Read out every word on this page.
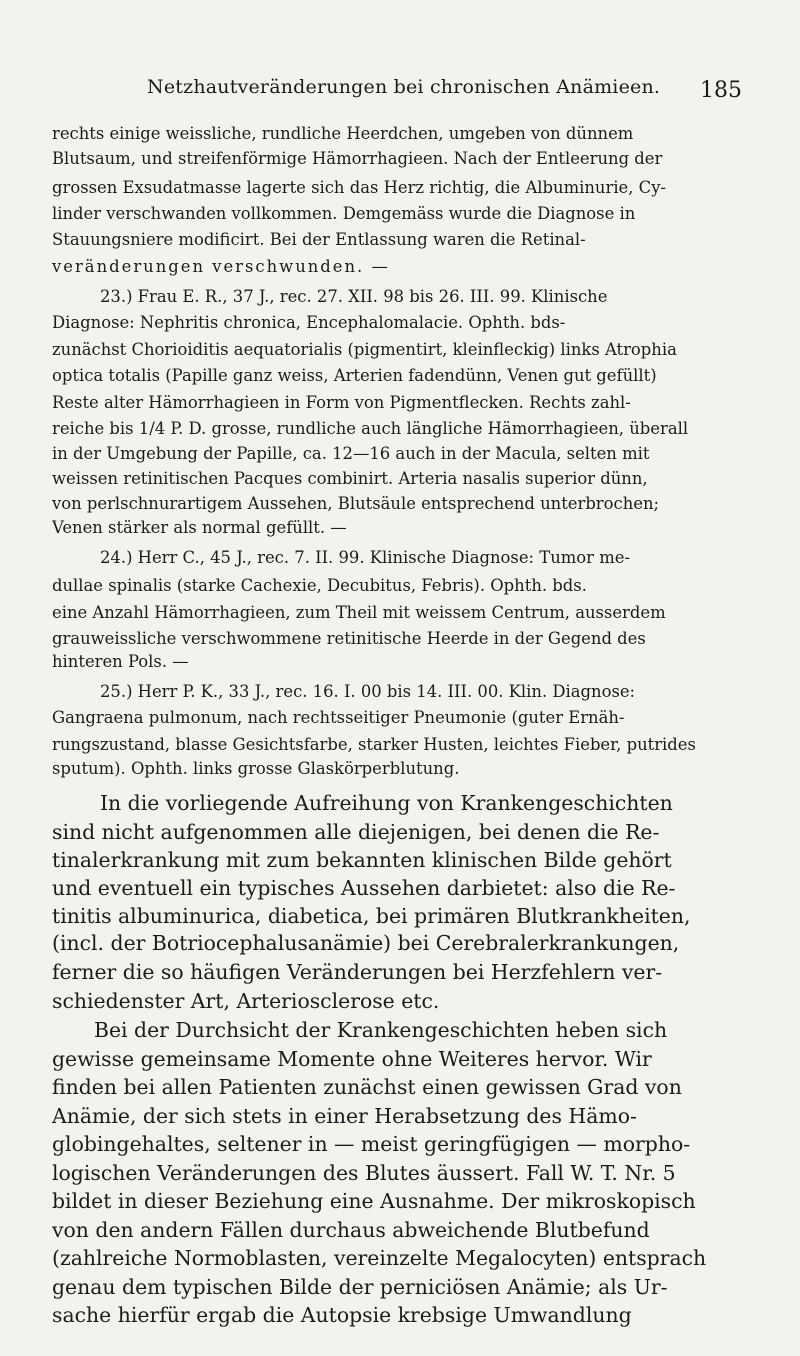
Netzhautveränderungen bei chronischen Anämieen. 185

rechts einige weissliche, rundliche Heerdchen, umgeben von dünnem

Blutsaum, und streifenförmige Hämorrhagieen. Nach der Entleerung der

grossen Exsudatmasse lagerte sich das Herz richtig, die Albuminurie, Cy-

linder verschwanden vollkommen. Demgemäss wurde die Diagnose in

Stauungsniere modificirt. Bei der Entlassung waren die Retinal-

veränderungen verschwunden. —

23.) Frau E. R., 37 J., rec. 27. XII. 98 bis 26. III. 99. Klinische

Diagnose: Nephritis chronica, Encephalomalacie. Ophth. bds-

zunächst Chorioiditis aequatorialis (pigmentirt, kleinfleckig) links Atrophia

optica totalis (Papille ganz weiss, Arterien fadendünn, Venen gut gefüllt)

Reste alter Hämorrhagieen in Form von Pigmentflecken. Rechts zahl-

reiche bis 1/4 P. D. grosse, rundliche auch längliche Hämorrhagieen, überall

in der Umgebung der Papille, ca. 12—16 auch in der Macula, selten mit

weissen retinitischen Pacques combinirt. Arteria nasalis superior dünn,

von perlschnurartigem Aussehen, Blutsäule entsprechend unterbrochen;

Venen stärker als normal gefüllt. —

24.) Herr C., 45 J., rec. 7. II. 99. Klinische Diagnose: Tumor me-

dullae spinalis (starke Cachexie, Decubitus, Febris). Ophth. bds.

eine Anzahl Hämorrhagieen, zum Theil mit weissem Centrum, ausserdem

grauweissliche verschwommene retinitische Heerde in der Gegend des

hinteren Pols. —

25.) Herr P. K., 33 J., rec. 16. I. 00 bis 14. III. 00. Klin. Diagnose:

Gangraena pulmonum, nach rechtsseitiger Pneumonie (guter Ernäh-

rungszustand, blasse Gesichtsfarbe, starker Husten, leichtes Fieber, putrides

sputum). Ophth. links grosse Glaskörperblutung.

In die vorliegende Aufreihung von Krankengeschichten

sind nicht aufgenommen alle diejenigen, bei denen die Re-

tinalerkrankung mit zum bekannten klinischen Bilde gehört

und eventuell ein typisches Aussehen darbietet: also die Re-

tinitis albuminurica, diabetica, bei primären Blutkrankheiten,

(incl. der Botriocephalusanämie) bei Cerebralerkrankungen,

ferner die so häufigen Veränderungen bei Herzfehlern ver-

schiedenster Art, Arteriosclerose etc.

Bei der Durchsicht der Krankengeschichten heben sich

gewisse gemeinsame Momente ohne Weiteres hervor. Wir

finden bei allen Patienten zunächst einen gewissen Grad von

Anämie, der sich stets in einer Herabsetzung des Hämo-

globingehaltes, seltener in — meist geringfügigen — morpho-

logischen Veränderungen des Blutes äussert. Fall W. T. Nr. 5

bildet in dieser Beziehung eine Ausnahme. Der mikroskopisch

von den andern Fällen durchaus abweichende Blutbefund

(zahlreiche Normoblasten, vereinzelte Megalocyten) entsprach

genau dem typischen Bilde der perniciösen Anämie; als Ur-

sache hierfür ergab die Autopsie krebsige Umwandlung
